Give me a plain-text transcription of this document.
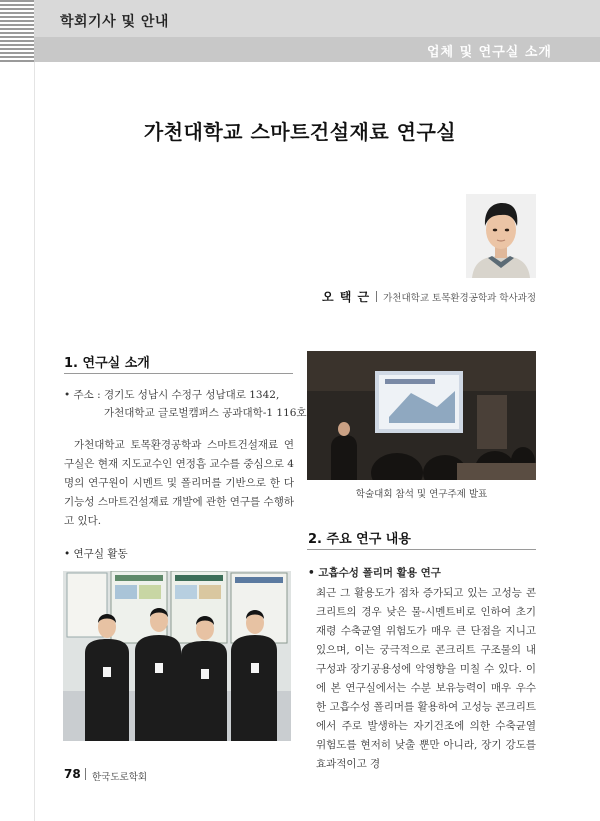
학회기사 및 안내
업체 및 연구실 소개
가천대학교 스마트건설재료 연구실
오 택 근 가천대학교 토목환경공학과 학사과정
1. 연구실 소개
• 주소 : 경기도 성남시 수정구 성남대로 1342,
가천대학교 글로벌캠퍼스 공과대학-1 116호

가천대학교 토목환경공학과 스마트건설재료 연구실은 현재 지도교수인 연정흠 교수를 중심으로 4명의 연구원이 시멘트 및 폴리머를 기반으로 한 다기능성 스마트건설재료 개발에 관한 연구를 수행하고 있다.

• 연구실 활동
학술대회 참석 및 연구주제 발표
2. 주요 연구 내용
• 고흡수성 폴리머 활용 연구

최근 그 활용도가 점차 증가되고 있는 고성능 콘크리트의 경우 낮은 물-시멘트비로 인하여 초기재령 수축균열 위험도가 매우 큰 단점을 지니고 있으며, 이는 궁극적으로 콘크리트 구조물의 내구성과 장기공용성에 악영향을 미칠 수 있다. 이에 본 연구실에서는 수분 보유능력이 매우 우수한 고흡수성 폴리머를 활용하여 고성능 콘크리트에서 주로 발생하는 자기건조에 의한 수축균열 위험도를 현저히 낮출 뿐만 아니라, 장기 강도를 효과적이고 경

78 한국도로학회
